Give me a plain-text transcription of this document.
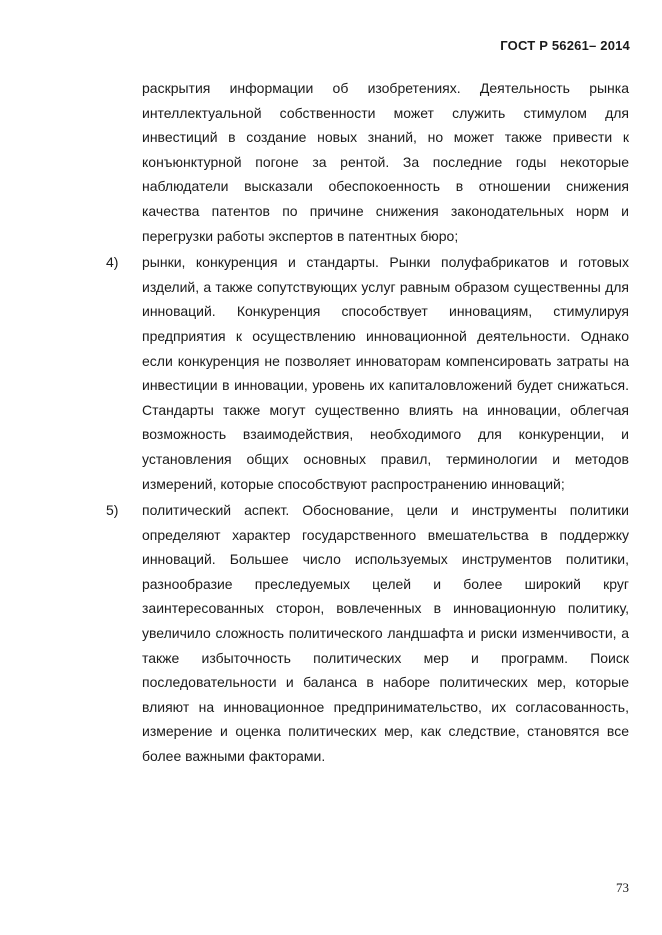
ГОСТ Р 56261– 2014

раскрытия информации об изобретениях. Деятельность рынка интеллектуальной собственности может служить стимулом для инвестиций в создание новых знаний, но может также привести к конъюнктурной погоне за рентой. За последние годы некоторые наблюдатели высказали обеспокоенность в отношении снижения качества патентов по причине снижения законодательных норм и перегрузки работы экспертов в патентных бюро;

4) рынки, конкуренция и стандарты. Рынки полуфабрикатов и готовых изделий, а также сопутствующих услуг равным образом существенны для инноваций. Конкуренция способствует инновациям, стимулируя предприятия к осуществлению инновационной деятельности. Однако если конкуренция не позволяет инноваторам компенсировать затраты на инвестиции в инновации, уровень их капиталовложений будет снижаться. Стандарты также могут существенно влиять на инновации, облегчая возможность взаимодействия, необходимого для конкуренции, и установления общих основных правил, терминологии и методов измерений, которые способствуют распространению инноваций;
5) политический аспект. Обоснование, цели и инструменты политики определяют характер государственного вмешательства в поддержку инноваций. Большее число используемых инструментов политики, разнообразие преследуемых целей и более широкий круг заинтересованных сторон, вовлеченных в инновационную политику, увеличило сложность политического ландшафта и риски изменчивости, а также избыточность политических мер и программ. Поиск последовательности и баланса в наборе политических мер, которые влияют на инновационное предпринимательство, их согласованность, измерение и оценка политических мер, как следствие, становятся все более важными факторами.
73
